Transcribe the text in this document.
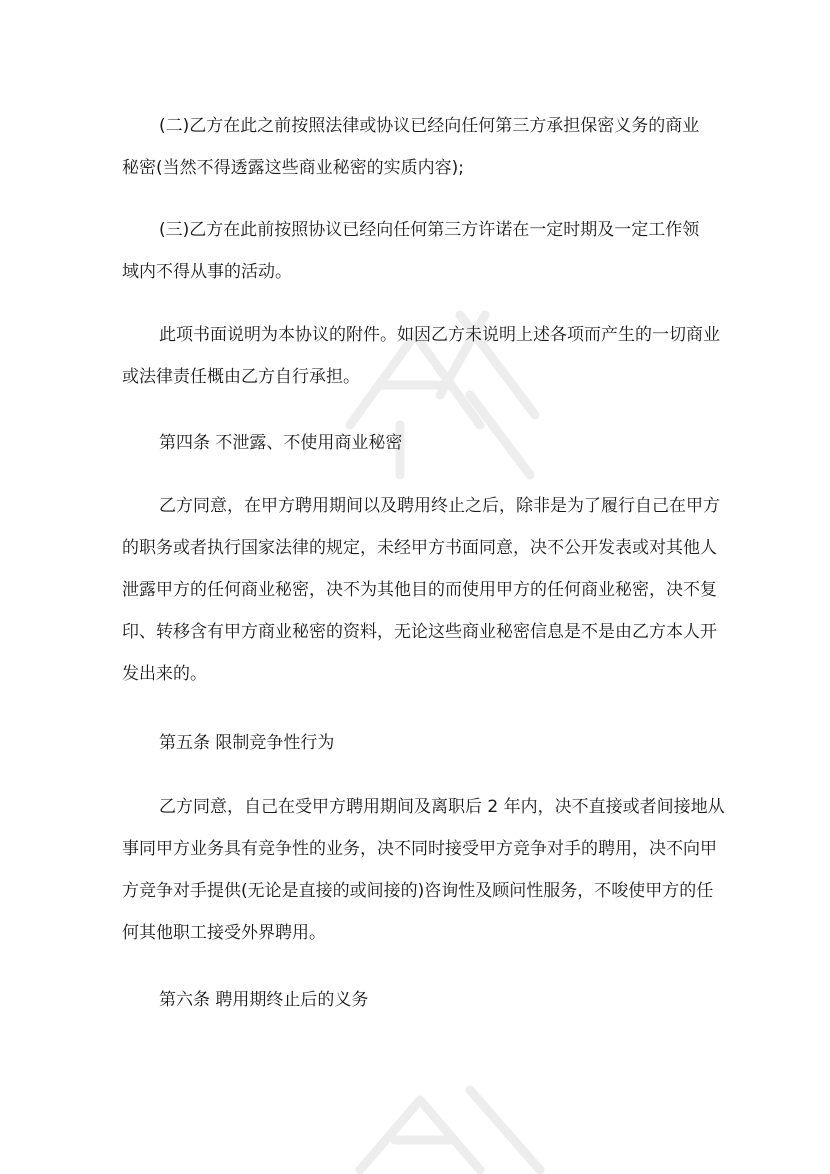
(二)乙方在此之前按照法律或协议已经向任何第三方承担保密义务的商业

秘密(当然不得透露这些商业秘密的实质内容);

(三)乙方在此前按照协议已经向任何第三方许诺在一定时期及一定工作领

域内不得从事的活动。

此项书面说明为本协议的附件。如因乙方未说明上述各项而产生的一切商业

或法律责任概由乙方自行承担。

第四条 不泄露、不使用商业秘密

乙方同意，在甲方聘用期间以及聘用终止之后，除非是为了履行自己在甲方

的职务或者执行国家法律的规定，未经甲方书面同意，决不公开发表或对其他人

泄露甲方的任何商业秘密，决不为其他目的而使用甲方的任何商业秘密，决不复

印、转移含有甲方商业秘密的资料，无论这些商业秘密信息是不是由乙方本人开

发出来的。

第五条 限制竞争性行为

乙方同意，自己在受甲方聘用期间及离职后 2 年内，决不直接或者间接地从

事同甲方业务具有竞争性的业务，决不同时接受甲方竞争对手的聘用，决不向甲

方竞争对手提供(无论是直接的或间接的)咨询性及顾问性服务，不唆使甲方的任

何其他职工接受外界聘用。

第六条 聘用期终止后的义务
